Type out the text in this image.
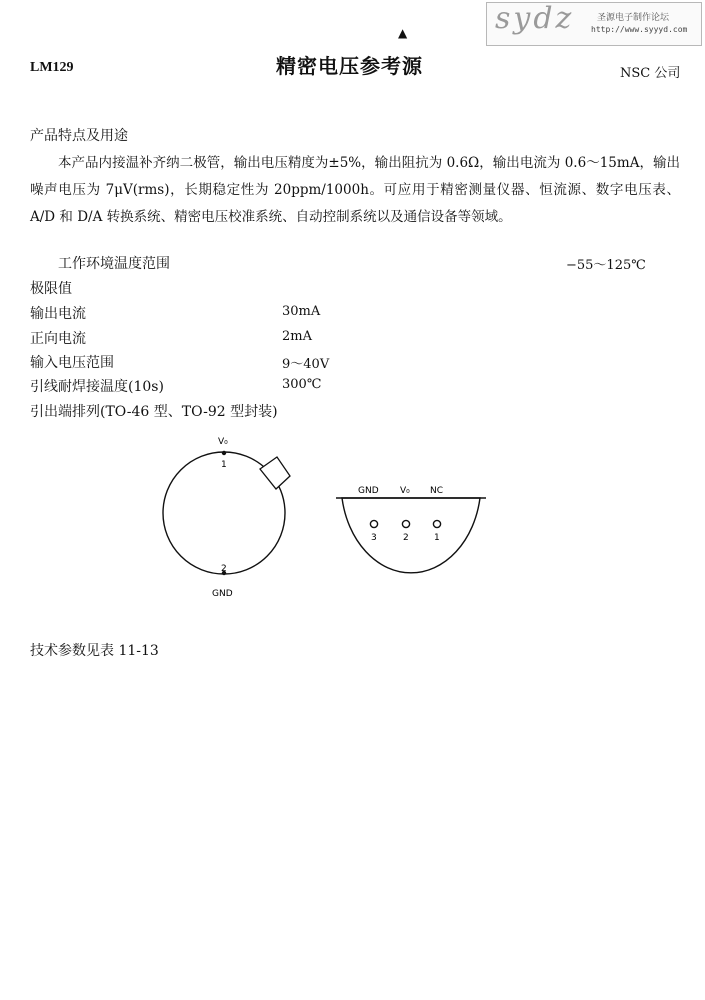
▲
LM129	精密电压参考源	NSC 公司
sydz	圣源电子制作论坛
http://www.syyyd.com
产品特点及用途

本产品内接温补齐纳二极管，输出电压精度为±5%，输出阻抗为 0.6Ω，输出电流为 0.6～15mA，输出噪声电压为 7μV(rms)，长期稳定性为 20ppm/1000h。可应用于精密测量仪器、恒流源、数字电压表、A/D 和 D/A 转换系统、精密电压校准系统、自动控制系统以及通信设备等领域。

工作环境温度范围	−55～125℃
极限值
输出电流	30mA
正向电流	2mA
输入电压范围	9～40V
引线耐焊接温度(10s)	300℃
引出端排列(TO-46 型、TO-92 型封装)
V₀
1
2
GND
GND V₀ NC
3	2	1
技术参数见表 11-13
